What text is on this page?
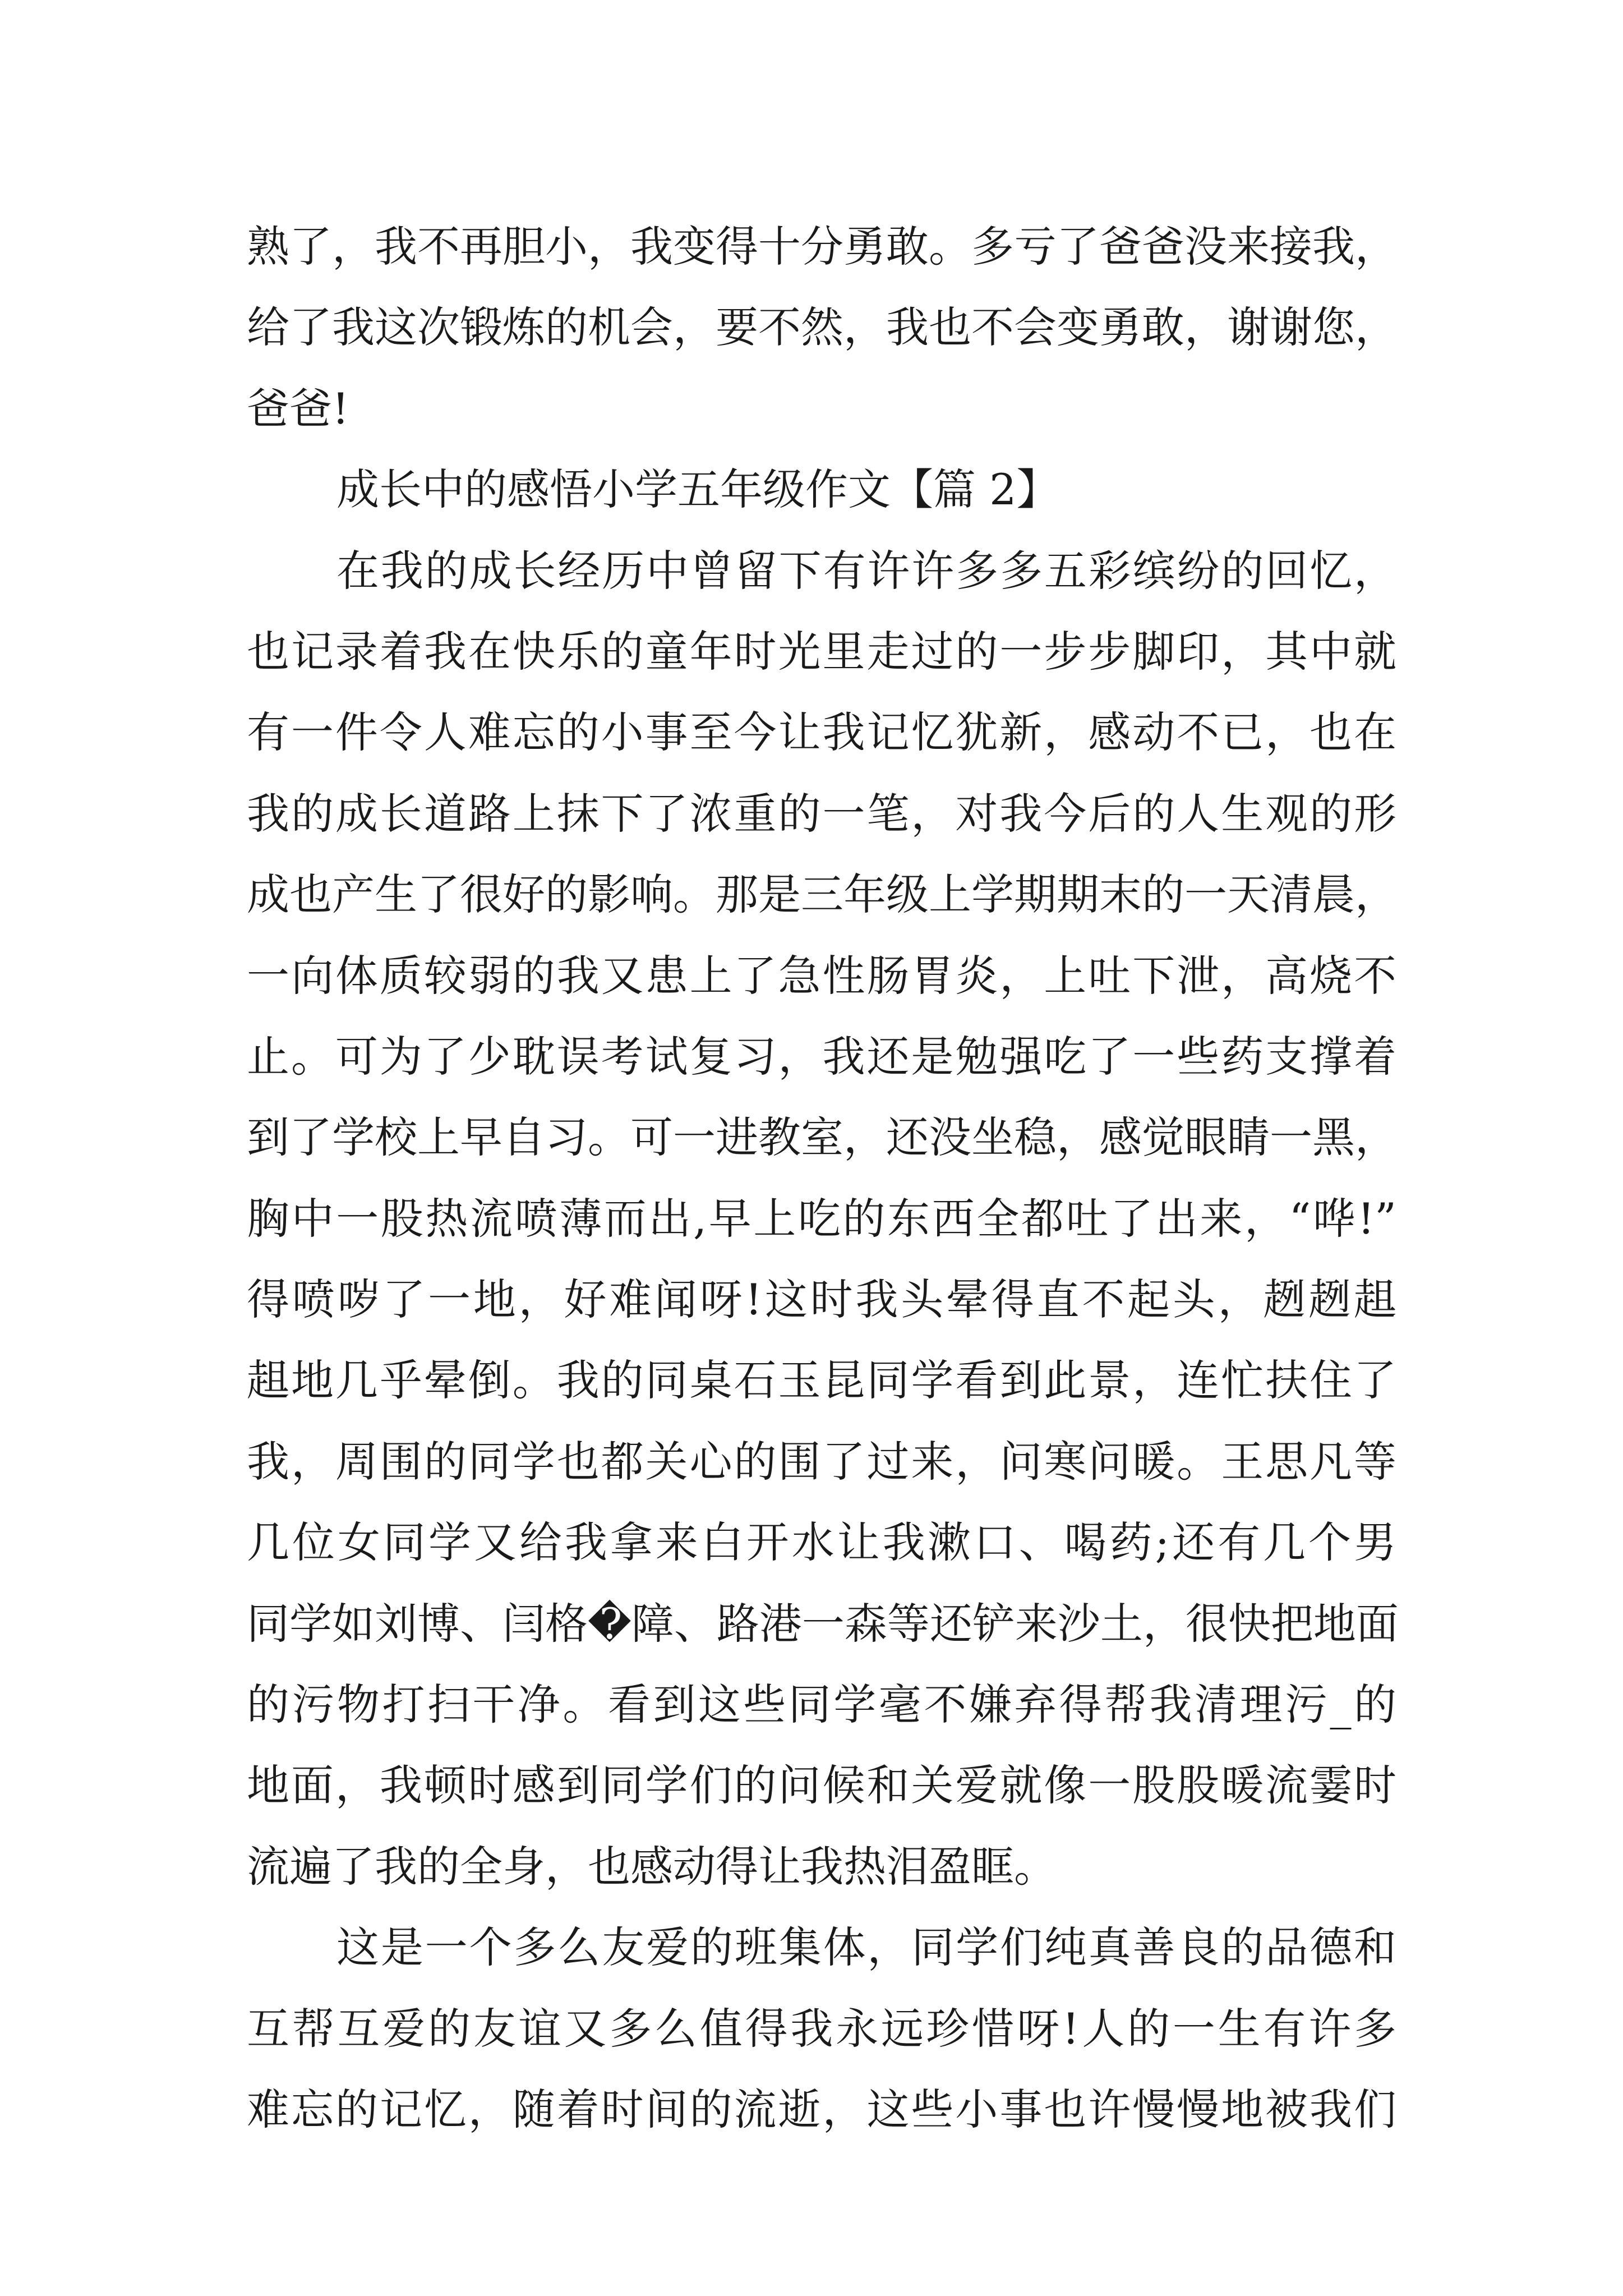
熟了，我不再胆小，我变得十分勇敢。多亏了爸爸没来接我，
给了我这次锻炼的机会，要不然，我也不会变勇敢，谢谢您，
爸爸!
成长中的感悟小学五年级作文【篇 2】
在我的成长经历中曾留下有许许多多五彩缤纷的回忆，
也记录着我在快乐的童年时光里走过的一步步脚印，其中就
有一件令人难忘的小事至今让我记忆犹新，感动不已，也在
我的成长道路上抹下了浓重的一笔，对我今后的人生观的形
成也产生了很好的影响。那是三年级上学期期末的一天清晨，
一向体质较弱的我又患上了急性肠胃炎，上吐下泄，高烧不
止。可为了少耽误考试复习，我还是勉强吃了一些药支撑着
到了学校上早自习。可一进教室，还没坐稳，感觉眼睛一黑，
胸中一股热流喷薄而出,早上吃的东西全都吐了出来，“哗!”
得喷哕了一地，好难闻呀!这时我头晕得直不起头，趔趔趄
趄地几乎晕倒。我的同桌石玉昆同学看到此景，连忙扶住了
我，周围的同学也都关心的围了过来，问寒问暖。王思凡等
几位女同学又给我拿来白开水让我漱口、喝药;还有几个男
同学如刘博、闫格�障、路港一森等还铲来沙土，很快把地面
的污物打扫干净。看到这些同学毫不嫌弃得帮我清理污_的
地面，我顿时感到同学们的问候和关爱就像一股股暖流霎时
流遍了我的全身，也感动得让我热泪盈眶。
这是一个多么友爱的班集体，同学们纯真善良的品德和
互帮互爱的友谊又多么值得我永远珍惜呀!人的一生有许多
难忘的记忆，随着时间的流逝，这些小事也许慢慢地被我们
